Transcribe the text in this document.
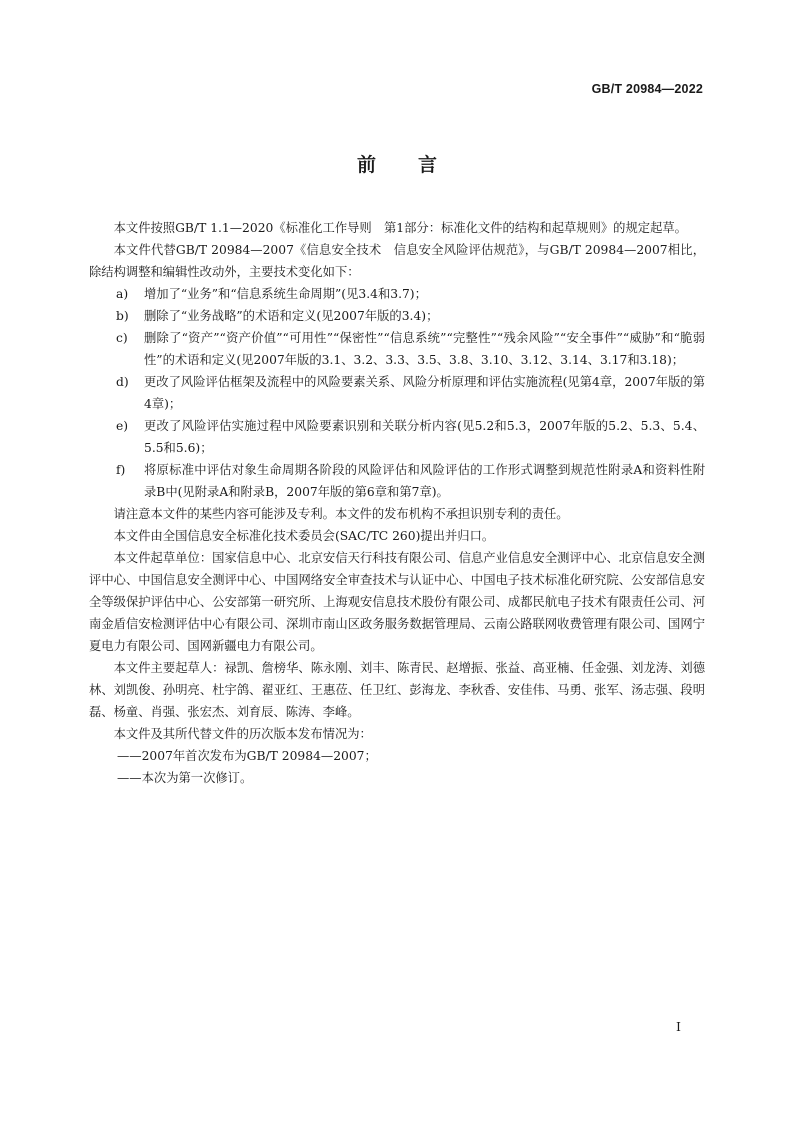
GB/T 20984—2022
前言

本文件按照GB/T 1.1—2020《标准化工作导则　第1部分：标准化文件的结构和起草规则》的规定起草。

本文件代替GB/T 20984—2007《信息安全技术　信息安全风险评估规范》，与GB/T 20984—2007相比，除结构调整和编辑性改动外，主要技术变化如下：

a) 增加了“业务”和“信息系统生命周期”(见3.4和3.7)；

b) 删除了“业务战略”的术语和定义(见2007年版的3.4)；

c) 删除了“资产”“资产价值”“可用性”“保密性”“信息系统”“完整性”“残余风险”“安全事件”“威胁”和“脆弱性”的术语和定义(见2007年版的3.1、3.2、3.3、3.5、3.8、3.10、3.12、3.14、3.17和3.18)；

d) 更改了风险评估框架及流程中的风险要素关系、风险分析原理和评估实施流程(见第4章，2007年版的第4章)；

e) 更改了风险评估实施过程中风险要素识别和关联分析内容(见5.2和5.3，2007年版的5.2、5.3、5.4、5.5和5.6)；

f) 将原标准中评估对象生命周期各阶段的风险评估和风险评估的工作形式调整到规范性附录A和资料性附录B中(见附录A和附录B，2007年版的第6章和第7章)。

请注意本文件的某些内容可能涉及专利。本文件的发布机构不承担识别专利的责任。

本文件由全国信息安全标准化技术委员会(SAC/TC 260)提出并归口。

本文件起草单位：国家信息中心、北京安信天行科技有限公司、信息产业信息安全测评中心、北京信息安全测评中心、中国信息安全测评中心、中国网络安全审查技术与认证中心、中国电子技术标准化研究院、公安部信息安全等级保护评估中心、公安部第一研究所、上海观安信息技术股份有限公司、成都民航电子技术有限责任公司、河南金盾信安检测评估中心有限公司、深圳市南山区政务服务数据管理局、云南公路联网收费管理有限公司、国网宁夏电力有限公司、国网新疆电力有限公司。

本文件主要起草人：禄凯、詹榜华、陈永刚、刘丰、陈青民、赵增振、张益、高亚楠、任金强、刘龙涛、刘德林、刘凯俊、孙明亮、杜宇鸽、翟亚红、王惠莅、任卫红、彭海龙、李秋香、安佳伟、马勇、张军、汤志强、段明磊、杨童、肖强、张宏杰、刘育辰、陈涛、李峰。

本文件及其所代替文件的历次版本发布情况为：

——2007年首次发布为GB/T 20984—2007；

——本次为第一次修订。

I
